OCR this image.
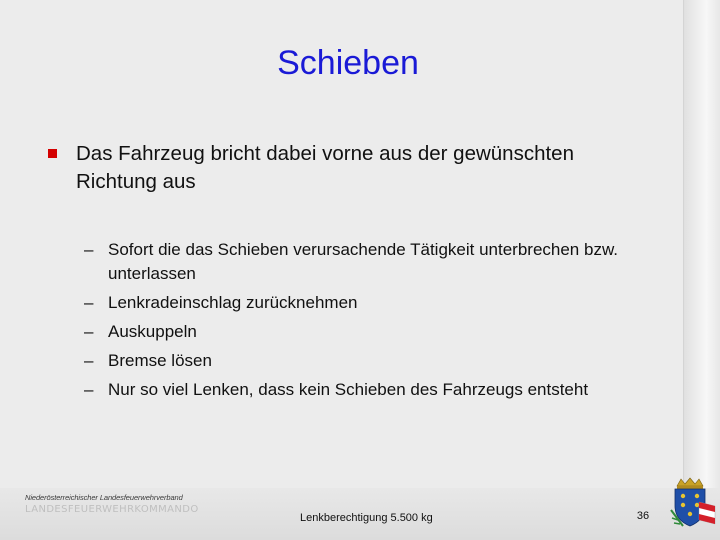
Schieben
Das Fahrzeug bricht dabei vorne aus der gewünschten Richtung aus
– Sofort die das Schieben verursachende Tätigkeit unterbrechen bzw. unterlassen
– Lenkradeinschlag zurücknehmen
– Auskuppeln
– Bremse lösen
– Nur so viel Lenken, dass kein Schieben des Fahrzeugs entsteht
Niederösterreichischer Landesfeuerwehrverband
LANDESFEUERWEHRKOMMANDO
Lenkberechtigung 5.500 kg	36
